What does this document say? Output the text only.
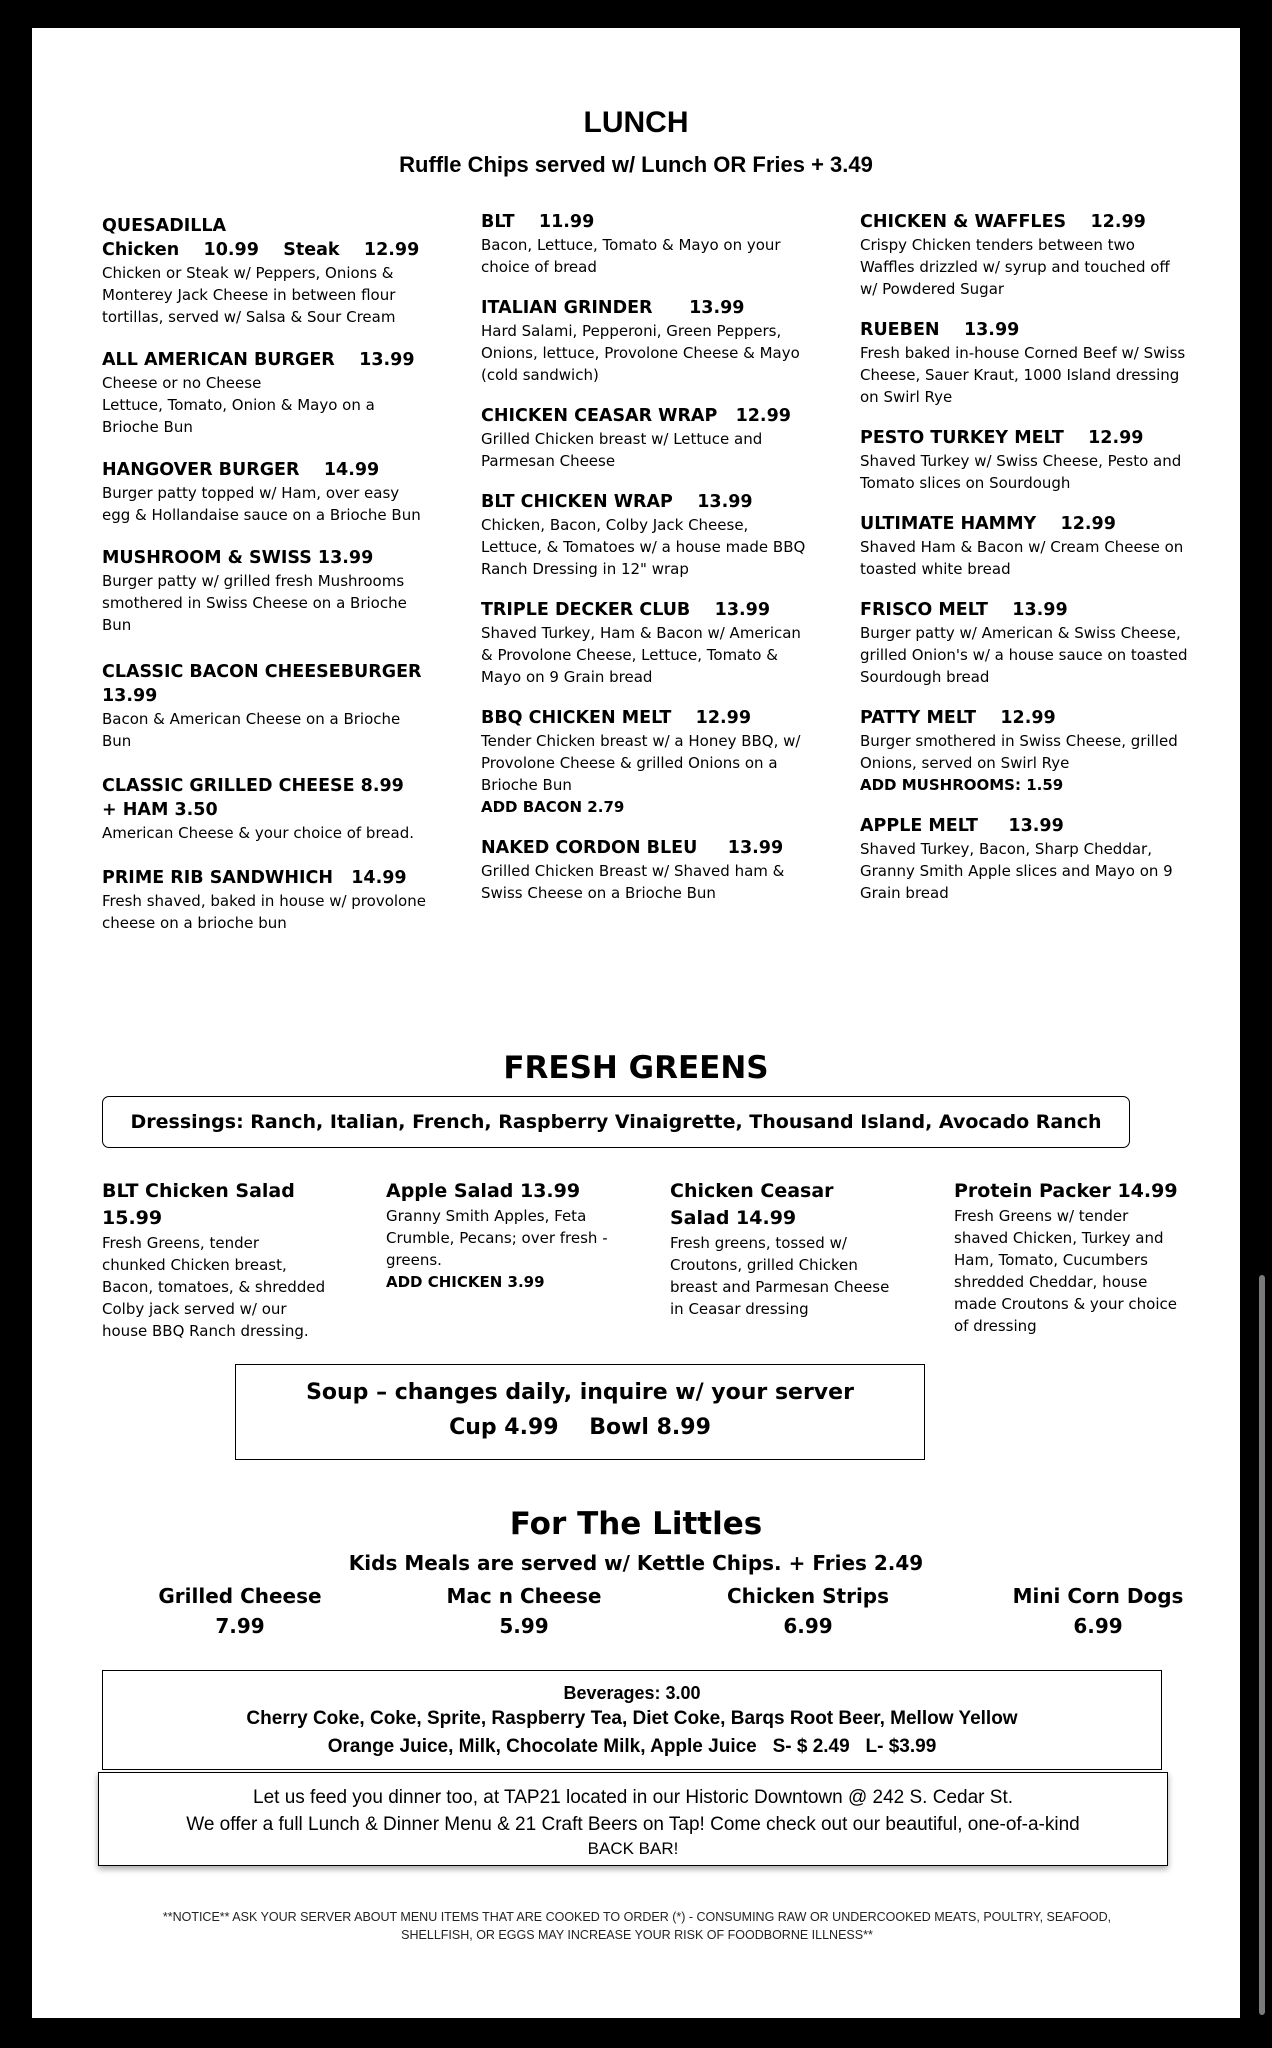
LUNCH
Ruffle Chips served w/ Lunch OR Fries + 3.49
QUESADILLA
Chicken    10.99    Steak    12.99
Chicken or Steak w/ Peppers, Onions & Monterey Jack Cheese in between flour tortillas, served w/ Salsa & Sour Cream
ALL AMERICAN BURGER    13.99
Cheese or no Cheese
Lettuce, Tomato, Onion & Mayo on a Brioche Bun
HANGOVER BURGER    14.99
Burger patty topped w/ Ham, over easy egg & Hollandaise sauce on a Brioche Bun
MUSHROOM & SWISS 13.99
Burger patty w/ grilled fresh Mushrooms smothered in Swiss Cheese on a Brioche Bun
CLASSIC BACON CHEESEBURGER
13.99
Bacon & American Cheese on a Brioche Bun
CLASSIC GRILLED CHEESE 8.99
+ HAM 3.50
American Cheese & your choice of bread.
PRIME RIB SANDWHICH   14.99
Fresh shaved, baked in house w/ provolone cheese on a brioche bun
BLT    11.99
Bacon, Lettuce, Tomato & Mayo on your choice of bread
ITALIAN GRINDER      13.99
Hard Salami, Pepperoni, Green Peppers, Onions, lettuce, Provolone Cheese & Mayo (cold sandwich)
CHICKEN CEASAR WRAP   12.99
Grilled Chicken breast w/ Lettuce and Parmesan Cheese
BLT CHICKEN WRAP    13.99
Chicken, Bacon, Colby Jack Cheese, Lettuce, & Tomatoes w/ a house made BBQ Ranch Dressing in 12" wrap
TRIPLE DECKER CLUB    13.99
Shaved Turkey, Ham & Bacon w/ American & Provolone Cheese, Lettuce, Tomato & Mayo on 9 Grain bread
BBQ CHICKEN MELT    12.99
Tender Chicken breast w/ a Honey BBQ, w/ Provolone Cheese & grilled Onions on a Brioche Bun
ADD BACON 2.79
NAKED CORDON BLEU     13.99
Grilled Chicken Breast w/ Shaved ham & Swiss Cheese on a Brioche Bun
CHICKEN & WAFFLES    12.99
Crispy Chicken tenders between two Waffles drizzled w/ syrup and touched off w/ Powdered Sugar
RUEBEN    13.99
Fresh baked in-house Corned Beef w/ Swiss Cheese, Sauer Kraut, 1000 Island dressing on Swirl Rye
PESTO TURKEY MELT    12.99
Shaved Turkey w/ Swiss Cheese, Pesto and Tomato slices on Sourdough
ULTIMATE HAMMY    12.99
Shaved Ham & Bacon w/ Cream Cheese on toasted white bread
FRISCO MELT    13.99
Burger patty w/ American & Swiss Cheese, grilled Onion's w/ a house sauce on toasted Sourdough bread
PATTY MELT    12.99
Burger smothered in Swiss Cheese, grilled Onions, served on Swirl Rye
ADD MUSHROOMS: 1.59
APPLE MELT     13.99
Shaved Turkey, Bacon, Sharp Cheddar, Granny Smith Apple slices and Mayo on 9 Grain bread
FRESH GREENS
Dressings: Ranch, Italian, French, Raspberry Vinaigrette, Thousand Island, Avocado Ranch
BLT Chicken Salad 15.99
Fresh Greens, tender chunked Chicken breast, Bacon, tomatoes, & shredded Colby jack served w/ our house BBQ Ranch dressing.
Apple Salad 13.99
Granny Smith Apples, Feta Crumble, Pecans; over fresh -greens.
ADD CHICKEN 3.99
Chicken Ceasar Salad 14.99
Fresh greens, tossed w/ Croutons, grilled Chicken breast and Parmesan Cheese in Ceasar dressing
Protein Packer 14.99
Fresh Greens w/ tender shaved Chicken, Turkey and Ham, Tomato, Cucumbers shredded Cheddar, house made Croutons & your choice of dressing
Soup – changes daily, inquire w/ your server
Cup 4.99    Bowl 8.99
For The Littles
Kids Meals are served w/ Kettle Chips. + Fries 2.49
Grilled Cheese
7.99
Mac n Cheese
5.99
Chicken Strips
6.99
Mini Corn Dogs
6.99
Beverages: 3.00
Cherry Coke, Coke, Sprite, Raspberry Tea, Diet Coke, Barqs Root Beer, Mellow Yellow
Orange Juice, Milk, Chocolate Milk, Apple Juice   S- $ 2.49   L- $3.99
Let us feed you dinner too, at TAP21 located in our Historic Downtown @ 242 S. Cedar St.
We offer a full Lunch & Dinner Menu & 21 Craft Beers on Tap! Come check out our beautiful, one-of-a-kind
BACK BAR!
**NOTICE** ASK YOUR SERVER ABOUT MENU ITEMS THAT ARE COOKED TO ORDER (*) - CONSUMING RAW OR UNDERCOOKED MEATS, POULTRY, SEAFOOD,
SHELLFISH, OR EGGS MAY INCREASE YOUR RISK OF FOODBORNE ILLNESS**
